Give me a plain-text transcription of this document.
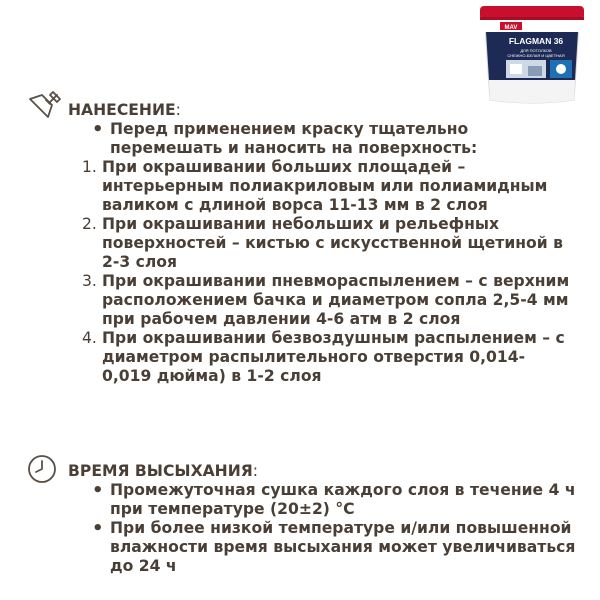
MAV
FLAGMAN 36
ДЛЯ ПОТОЛКОВ
СНЕЖНО-БЕЛАЯ И ЦВЕТНАЯ
НАНЕСЕНИЕ:
• Перед применением краску тщательно перемешать и наносить на поверхность:
1. При окрашивании больших площадей – интерьерным полиакриловым или полиамидным валиком с длиной ворса 11-13 мм в 2 слоя
2. При окрашивании небольших и рельефных поверхностей – кистью с искусственной щетиной в 2-3 слоя
3. При окрашивании пневмораспылением – с верхним расположением бачка и диаметром сопла 2,5-4 мм при рабочем давлении 4-6 атм в 2 слоя
4. При окрашивании безвоздушным распылением – с диаметром распылительного отверстия 0,014-0,019 дюйма) в 1-2 слоя
ВРЕМЯ ВЫСЫХАНИЯ:
• Промежуточная сушка каждого слоя в течение 4 ч при температуре (20±2) °С
• При более низкой температуре и/или повышенной влажности время высыхания может увеличиваться до 24 ч
